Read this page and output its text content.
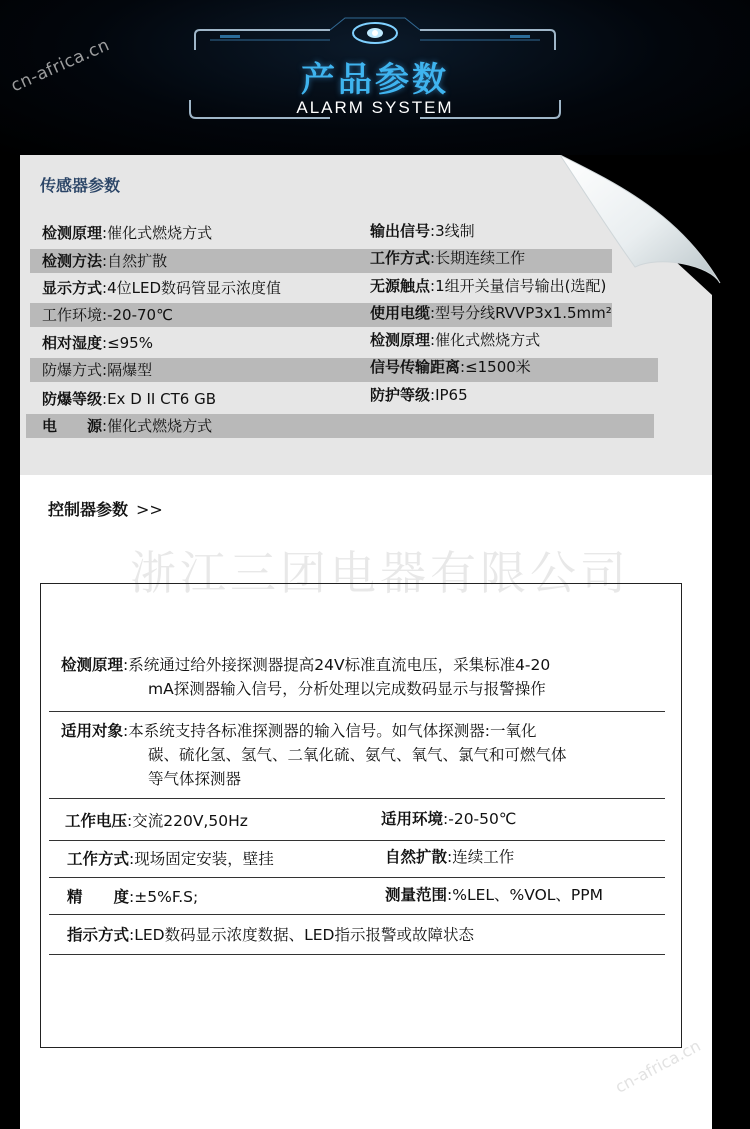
cn-africa.cn	产品参数
ALARM SYSTEM
传感器参数
检测原理:催化式燃烧方式
检测方法:自然扩散
显示方式:4位LED数码管显示浓度值
工作环境:-20-70℃
相对湿度:≤95%
防爆方式:隔爆型
防爆等级:Ex D II CT6 GB
电　　源:催化式燃烧方式
输出信号:3线制
工作方式:长期连续工作
无源触点:1组开关量信号输出(选配)
使用电缆:型号分线RVVP3x1.5mm²
检测原理:催化式燃烧方式
信号传输距离:≤1500米
防护等级:IP65
控制器参数 >>
浙江三团电器有限公司
检测原理:系统通过给外接探测器提高24V标准直流电压，采集标准4-20
mA探测器输入信号，分析处理以完成数码显示与报警操作
适用对象:本系统支持各标准探测器的输入信号。如气体探测器:一氧化
碳、硫化氢、氢气、二氧化硫、氨气、氧气、氯气和可燃气体
等气体探测器
工作电压:交流220V,50Hz	适用环境:-20-50℃
工作方式:现场固定安装，壁挂	自然扩散:连续工作
精　　度:±5%F.S;	测量范围:%LEL、%VOL、PPM
指示方式:LED数码显示浓度数据、LED指示报警或故障状态
cn-africa.cn
